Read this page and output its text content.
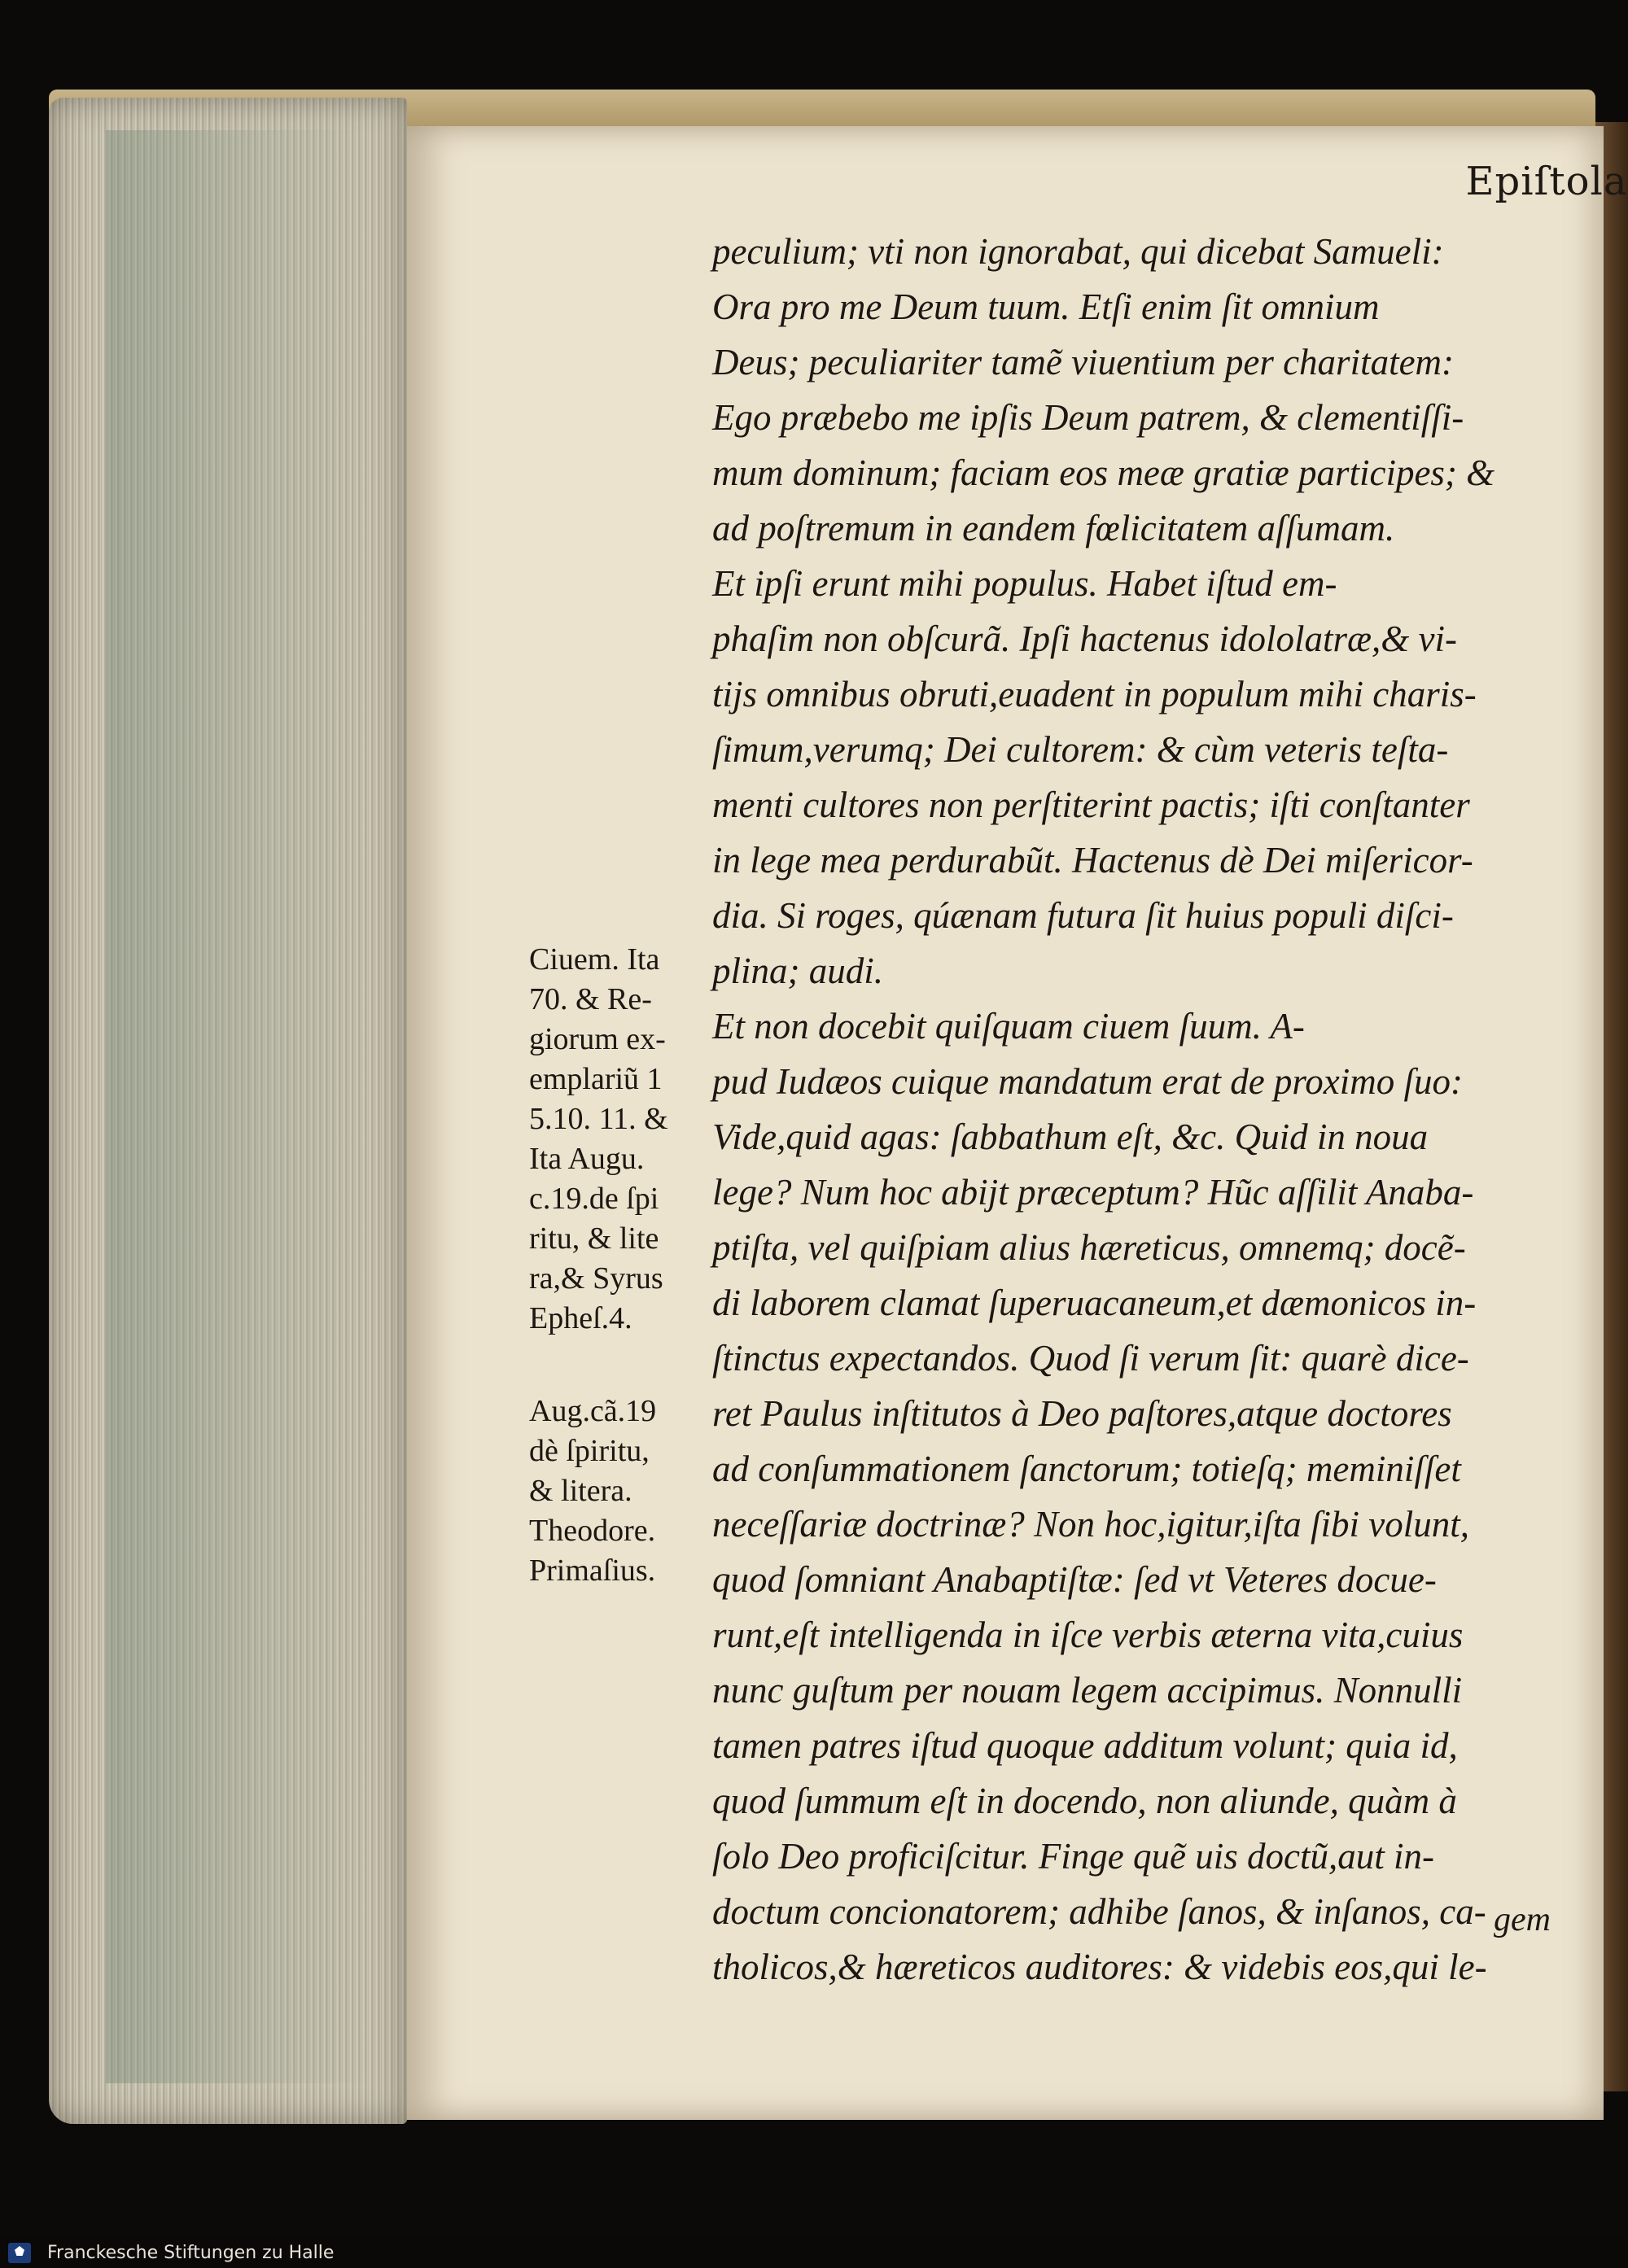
Epiſtola
Ciuem. Ita
70. & Re-
giorum ex-
emplariũ 1
5.10. 11. &
Ita Augu.
c.19.de ſpi
ritu, & lite
ra,& Syrus
Epheſ.4.
Aug.cã.19
dè ſpiritu,
& litera.
Theodore.
Primaſius.
peculium; vti non ignorabat, qui dicebat Samueli:
Ora pro me Deum tuum. Etſi enim ſit omnium
Deus; peculiariter tamẽ viuentium per charitatem:
Ego præbebo me ipſis Deum patrem, & clementiſſi-
mum dominum; faciam eos meæ gratiæ participes; &
ad poſtremum in eandem fœlicitatem aſſumam.
Et ipſi erunt mihi populus. Habet iſtud em-
phaſim non obſcurã. Ipſi hactenus idololatræ,& vi-
tijs omnibus obruti,euadent in populum mihi charis-
ſimum,verumq; Dei cultorem: & cùm veteris teſta-
menti cultores non perſtiterint pactis; iſti conſtanter
in lege mea perdurabũt. Hactenus dè Dei miſericor-
dia. Si roges, qúænam futura ſit huius populi diſci-
plina; audi.
Et non docebit quiſquam ciuem ſuum. A-
pud Iudæos cuique mandatum erat de proximo ſuo:
Vide,quid agas: ſabbathum eſt, &c. Quid in noua
lege? Num hoc abijt præceptum? Hũc aſſilit Anaba-
ptiſta, vel quiſpiam alius hæreticus, omnemq; docẽ-
di laborem clamat ſuperuacaneum,et dæmonicos in-
ſtinctus expectandos. Quod ſi verum ſit: quarè dice-
ret Paulus inſtitutos à Deo paſtores,atque doctores
ad conſummationem ſanctorum; totieſq; meminiſſet
neceſſariæ doctrinæ? Non hoc,igitur,iſta ſibi volunt,
quod ſomniant Anabaptiſtæ: ſed vt Veteres docue-
runt,eſt intelligenda in iſce verbis æterna vita,cuius
nunc guſtum per nouam legem accipimus. Nonnulli
tamen patres iſtud quoque additum volunt; quia id,
quod ſummum eſt in docendo, non aliunde, quàm à
ſolo Deo proficiſcitur. Finge quẽ uis doctũ,aut in-
doctum concionatorem; adhibe ſanos, & inſanos, ca-
tholicos,& hæreticos auditores: & videbis eos,qui le-
gem
Franckesche Stiftungen zu Halle
